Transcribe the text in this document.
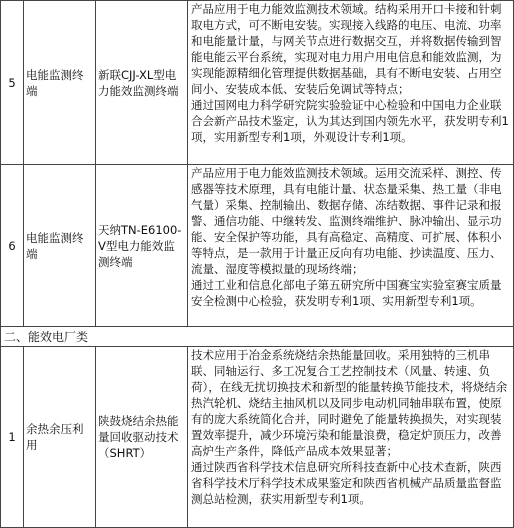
5	电能监测终端	新联CJJ-XL型电力能效监测终端	产品应用于电力能效监测技术领域。结构采用开口卡接和针刺取电方式，可不断电安装。实现接入线路的电压、电流、功率和电能量计量，与网关节点进行数据交互，并将数据传输到智能电能云平台系统，实现对电力用户用电信息和能效监测，为实现能源精细化管理提供数据基础，具有不断电安装、占用空间小、安装成本低、安装后免调试等特点；
通过国网电力科学研究院实验验证中心检验和中国电力企业联合会新产品技术鉴定，认为其达到国内领先水平，获发明专利1项，实用新型专利1项，外观设计专利1项。

6	电能监测终端	天纳TN-E6100-V型电力能效监测终端	产品应用于电力能效监测技术领域。运用交流采样、测控、传感器等技术原理，具有电能计量、状态量采集、热工量（非电气量）采集、控制输出、数据存储、冻结数据、事件记录和报警、通信功能、中继转发、监测终端维护、脉冲输出、显示功能、安全保护等功能，具有高稳定、高精度、可扩展、体积小等特点，是一款用于计量正反向有功电能、抄读温度、压力、流量、湿度等模拟量的现场终端；
通过工业和信息化部电子第五研究所中国赛宝实验室赛宝质量安全检测中心检验，获发明专利1项、实用新型专利1项。

二、能效电厂类			
1	余热余压利用	陕鼓烧结余热能量回收驱动技术（SHRT）	技术应用于冶金系统烧结余热能量回收。采用独特的三机串联、同轴运行、多工况复合工艺控制技术（风量、转速、负荷），在线无扰切换技术和新型的能量转换节能技术，将烧结余热汽轮机、烧结主抽风机以及同步电动机同轴串联布置，使原有的庞大系统简化合并，同时避免了能量转换损失，对实现装置效率提升，减少环境污染和能量浪费，稳定炉顶压力，改善高炉生产条件，降低产品成本效果显著；
通过陕西省科学技术信息研究所科技查新中心技术查新，陕西省科学技术厅科学技术成果鉴定和陕西省机械产品质量监督监测总站检测，获实用新型专利1项。
